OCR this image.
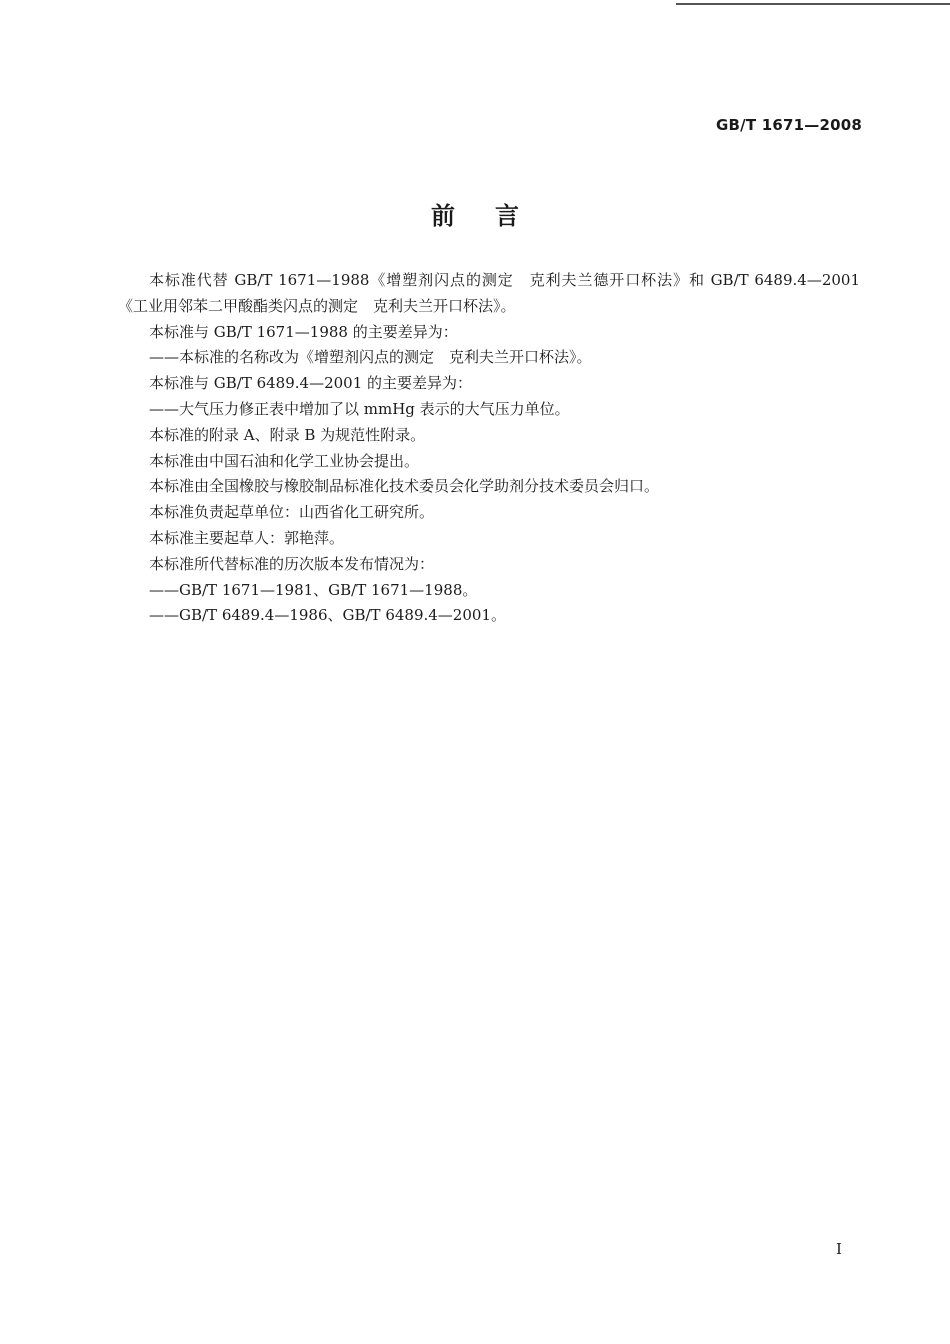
GB/T 1671—2008
前言

本标准代替 GB/T 1671—1988《增塑剂闪点的测定　克利夫兰德开口杯法》和 GB/T 6489.4—2001《工业用邻苯二甲酸酯类闪点的测定　克利夫兰开口杯法》。

本标准与 GB/T 1671—1988 的主要差异为：

——本标准的名称改为《增塑剂闪点的测定　克利夫兰开口杯法》。

本标准与 GB/T 6489.4—2001 的主要差异为：

——大气压力修正表中增加了以 mmHg 表示的大气压力单位。

本标准的附录 A、附录 B 为规范性附录。

本标准由中国石油和化学工业协会提出。

本标准由全国橡胶与橡胶制品标准化技术委员会化学助剂分技术委员会归口。

本标准负责起草单位：山西省化工研究所。

本标准主要起草人：郭艳萍。

本标准所代替标准的历次版本发布情况为：

——GB/T 1671—1981、GB/T 1671—1988。

——GB/T 6489.4—1986、GB/T 6489.4—2001。

I
